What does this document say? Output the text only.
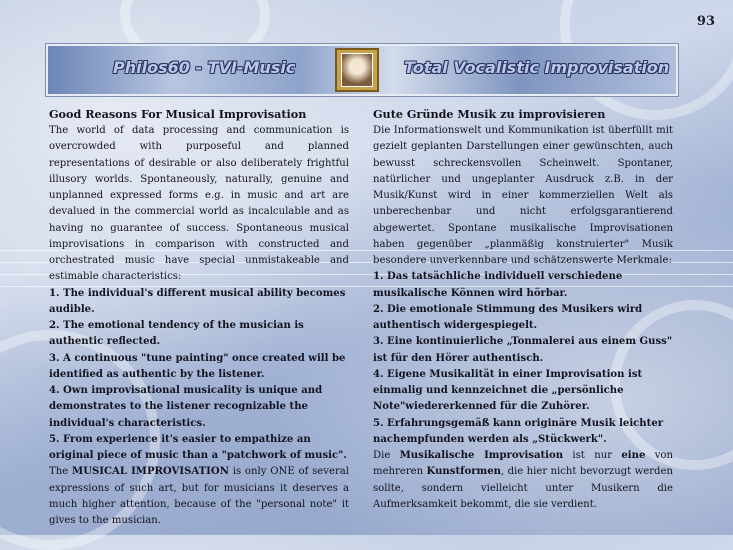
93
Philos60 - TVI-Music	Total Vocalistic Improvisation
Good Reasons For Musical Improvisation

The world of data processing and communication is overcrowded with purposeful and planned representations of desirable or also deliberately frightful illusory worlds. Spontaneously, naturally, genuine and unplanned expressed forms e.g. in music and art are devalued in the commercial world as incalculable and as having no guarantee of success. Spontaneous musical improvisations in comparison with constructed and orchestrated music have special unmistakeable and estimable characteristics:

1. The individual's different musical ability becomes audible.

2. The emotional tendency of the musician is authentic reflected.

3. A continuous "tune painting" once created will be identified as authentic by the listener.

4. Own improvisational musicality is unique and demonstrates to the listener recognizable the individual's characteristics.

5. From experience it's easier to empathize an original piece of music than a "patchwork of music".

The MUSICAL IMPROVISATION is only ONE of several expressions of such art, but for musicians it deserves a much higher attention, because of the "personal note" it gives to the musician.

Gute Gründe Musik zu improvisieren

Die Informationswelt und Kommunikation ist überfüllt mit gezielt geplanten Darstellungen einer gewünschten, auch bewusst schreckensvollen Scheinwelt. Spontaner, natürlicher und ungeplanter Ausdruck z.B. in der Musik/Kunst wird in einer kommerziellen Welt als unberechenbar und nicht erfolgsgarantierend abgewertet. Spontane musikalische Improvisationen haben gegenüber „planmäßig konstruierter" Musik besondere unverkennbare und schätzenswerte Merkmale:

1. Das tatsächliche individuell verschiedene musikalische Können wird hörbar.

2. Die emotionale Stimmung des Musikers wird authentisch widergespiegelt.

3. Eine kontinuierliche „Tonmalerei aus einem Guss" ist für den Hörer authentisch.

4. Eigene Musikalität in einer Improvisation ist einmalig und kennzeichnet die „persönliche Note"wiedererkenned für die Zuhörer.

5. Erfahrungsgemäß kann originäre Musik leichter nachempfunden werden als „Stückwerk".

Die Musikalische Improvisation ist nur eine von mehreren Kunstformen, die hier nicht bevorzugt werden sollte, sondern vielleicht unter Musikern die Aufmerksamkeit bekommt, die sie verdient.
